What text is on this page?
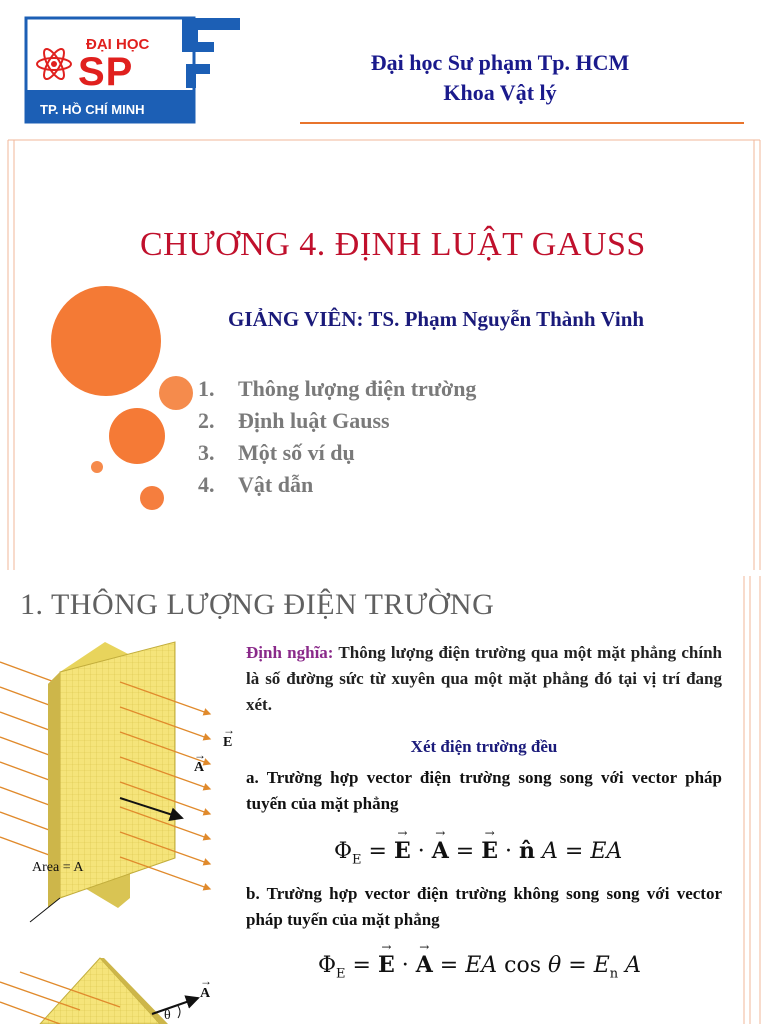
ĐẠI HỌC
SP
TP. HỒ CHÍ MINH
Đại học Sư phạm Tp. HCM
Khoa Vật lý
CHƯƠNG 4. ĐỊNH LUẬT GAUSS
GIẢNG VIÊN: TS. Phạm Nguyễn Thành Vinh
1. Thông lượng điện trường
2. Định luật Gauss
3. Một số ví dụ
4. Vật dẫn
1. THÔNG LƯỢNG ĐIỆN TRƯỜNG
→ E
→ A
Area = A
→ A
θ
Định nghĩa: Thông lượng điện trường qua một mặt phẳng chính là số đường sức từ xuyên qua một mặt phẳng đó tại vị trí đang xét.
Xét điện trường đều
a. Trường hợp vector điện trường song song với vector pháp tuyến của mặt phẳng
$\Phi_E$ = → E · → A = → E · n̂ A = EA
b. Trường hợp vector điện trường không song song với vector pháp tuyến của mặt phẳng
$\Phi_E$ = → E · → A = EA $\cos \theta = E_n$ A
